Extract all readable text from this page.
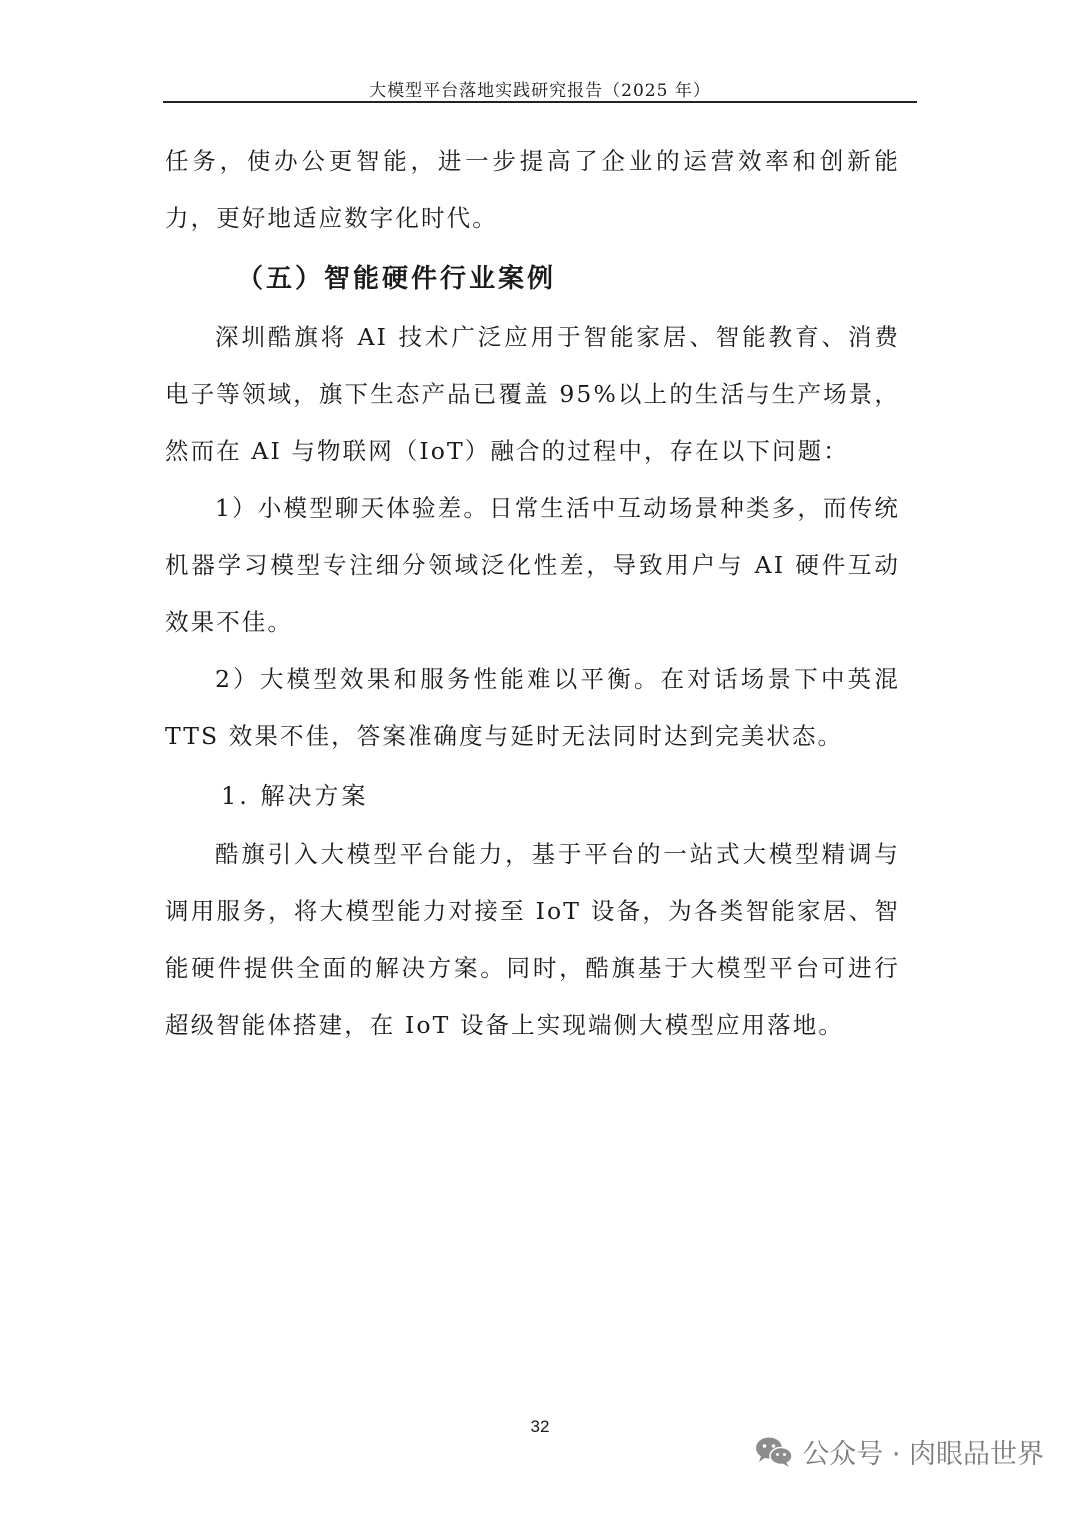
大模型平台落地实践研究报告（2025 年）

任务，使办公更智能，进一步提高了企业的运营效率和创新能力，更好地适应数字化时代。

（五）智能硬件行业案例

深圳酷旗将 AI 技术广泛应用于智能家居、智能教育、消费电子等领域，旗下生态产品已覆盖 95%以上的生活与生产场景，然而在 AI 与物联网（IoT）融合的过程中，存在以下问题：

1）小模型聊天体验差。日常生活中互动场景种类多，而传统机器学习模型专注细分领域泛化性差，导致用户与 AI 硬件互动效果不佳。

2）大模型效果和服务性能难以平衡。在对话场景下中英混 TTS 效果不佳，答案准确度与延时无法同时达到完美状态。

1. 解决方案

酷旗引入大模型平台能力，基于平台的一站式大模型精调与调用服务，将大模型能力对接至 IoT 设备，为各类智能家居、智能硬件提供全面的解决方案。同时，酷旗基于大模型平台可进行超级智能体搭建，在 IoT 设备上实现端侧大模型应用落地。

32
公众号 · 肉眼品世界
